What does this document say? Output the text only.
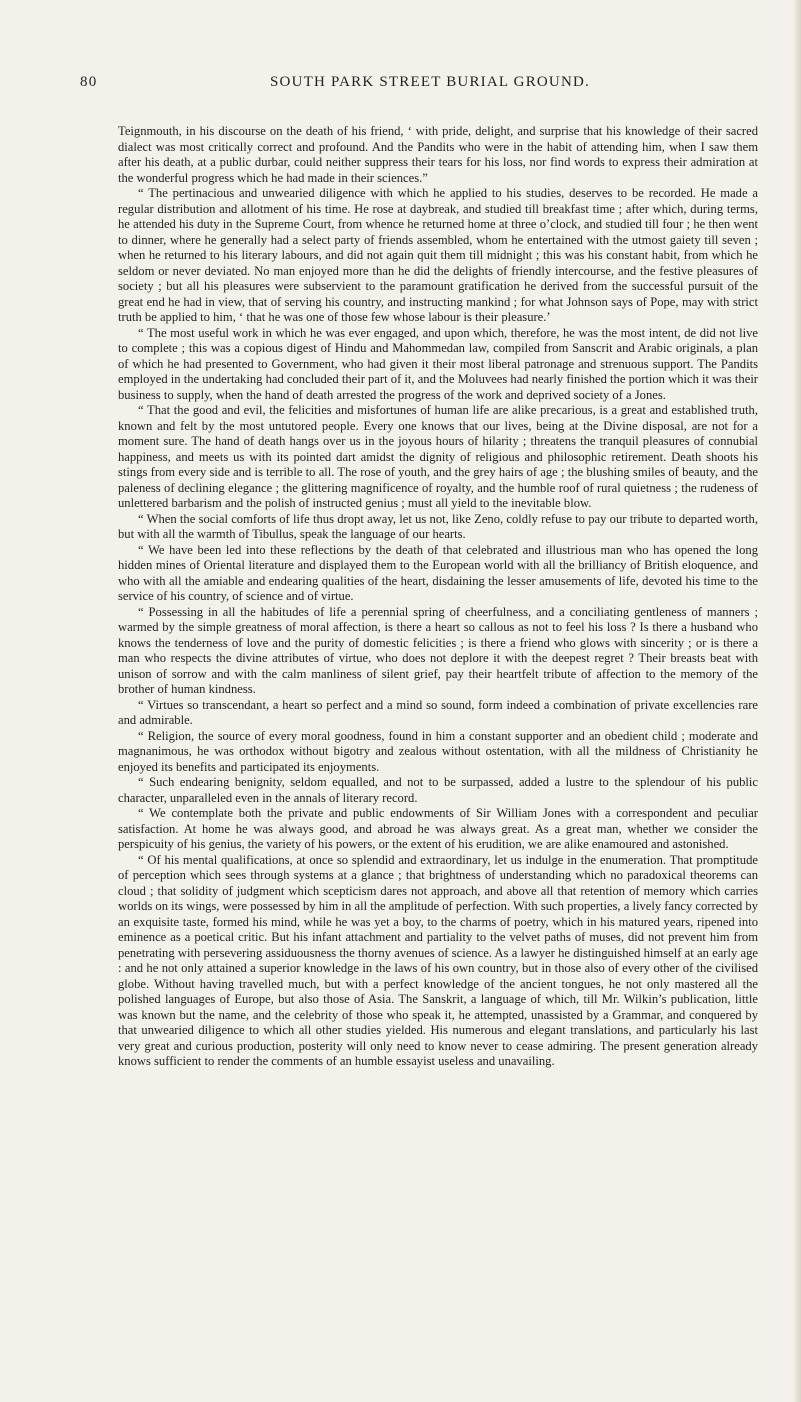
80	SOUTH PARK STREET BURIAL GROUND.

Teignmouth, in his discourse on the death of his friend, ‘ with pride, delight, and surprise that his knowledge of their sacred dialect was most critically correct and profound. And the Pandits who were in the habit of attending him, when I saw them after his death, at a public durbar, could neither suppress their tears for his loss, nor find words to express their admiration at the wonderful progress which he had made in their sciences.”

“ The pertinacious and unwearied diligence with which he applied to his studies, deserves to be recorded. He made a regular distribution and allotment of his time. He rose at daybreak, and studied till breakfast time ; after which, during terms, he attended his duty in the Supreme Court, from whence he returned home at three o’clock, and studied till four ; he then went to dinner, where he generally had a select party of friends assembled, whom he entertained with the utmost gaiety till seven ; when he returned to his literary labours, and did not again quit them till midnight ; this was his constant habit, from which he seldom or never deviated. No man enjoyed more than he did the delights of friendly intercourse, and the festive pleasures of society ; but all his pleasures were subservient to the paramount gratification he derived from the successful pursuit of the great end he had in view, that of serving his country, and instructing mankind ; for what Johnson says of Pope, may with strict truth be applied to him, ‘ that he was one of those few whose labour is their pleasure.’

“ The most useful work in which he was ever engaged, and upon which, therefore, he was the most intent, de did not live to complete ; this was a copious digest of Hindu and Mahommedan law, compiled from Sanscrit and Arabic originals, a plan of which he had presented to Government, who had given it their most liberal patronage and strenuous support. The Pandits employed in the undertaking had concluded their part of it, and the Moluvees had nearly finished the portion which it was their business to supply, when the hand of death arrested the progress of the work and deprived society of a Jones.

“ That the good and evil, the felicities and misfortunes of human life are alike precarious, is a great and established truth, known and felt by the most untutored people. Every one knows that our lives, being at the Divine disposal, are not for a moment sure. The hand of death hangs over us in the joyous hours of hilarity ; threatens the tranquil pleasures of connubial happiness, and meets us with its pointed dart amidst the dignity of religious and philosophic retirement. Death shoots his stings from every side and is terrible to all. The rose of youth, and the grey hairs of age ; the blushing smiles of beauty, and the paleness of declining elegance ; the glittering magnificence of royalty, and the humble roof of rural quietness ; the rudeness of unlettered barbarism and the polish of instructed genius ; must all yield to the inevitable blow.

“ When the social comforts of life thus dropt away, let us not, like Zeno, coldly refuse to pay our tribute to departed worth, but with all the warmth of Tibullus, speak the language of our hearts.

“ We have been led into these reflections by the death of that celebrated and illustrious man who has opened the long hidden mines of Oriental literature and displayed them to the European world with all the brilliancy of British eloquence, and who with all the amiable and endearing qualities of the heart, disdaining the lesser amusements of life, devoted his time to the service of his country, of science and of virtue.

“ Possessing in all the habitudes of life a perennial spring of cheerfulness, and a conciliating gentleness of manners ; warmed by the simple greatness of moral affection, is there a heart so callous as not to feel his loss ? Is there a husband who knows the tenderness of love and the purity of domestic felicities ; is there a friend who glows with sincerity ; or is there a man who respects the divine attributes of virtue, who does not deplore it with the deepest regret ? Their breasts beat with unison of sorrow and with the calm manliness of silent grief, pay their heartfelt tribute of affection to the memory of the brother of human kindness.

“ Virtues so transcendant, a heart so perfect and a mind so sound, form indeed a combination of private excellencies rare and admirable.

“ Religion, the source of every moral goodness, found in him a constant supporter and an obedient child ; moderate and magnanimous, he was orthodox without bigotry and zealous without ostentation, with all the mildness of Christianity he enjoyed its benefits and participated its enjoyments.

“ Such endearing benignity, seldom equalled, and not to be surpassed, added a lustre to the splendour of his public character, unparalleled even in the annals of literary record.

“ We contemplate both the private and public endowments of Sir William Jones with a correspondent and peculiar satisfaction. At home he was always good, and abroad he was always great. As a great man, whether we consider the perspicuity of his genius, the variety of his powers, or the extent of his erudition, we are alike enamoured and astonished.

“ Of his mental qualifications, at once so splendid and extraordinary, let us indulge in the enumeration. That promptitude of perception which sees through systems at a glance ; that brightness of understanding which no paradoxical theorems can cloud ; that solidity of judgment which scepticism dares not approach, and above all that retention of memory which carries worlds on its wings, were possessed by him in all the amplitude of perfection. With such properties, a lively fancy corrected by an exquisite taste, formed his mind, while he was yet a boy, to the charms of poetry, which in his matured years, ripened into eminence as a poetical critic. But his infant attachment and partiality to the velvet paths of muses, did not prevent him from penetrating with persevering assiduousness the thorny avenues of science. As a lawyer he distinguished himself at an early age : and he not only attained a superior knowledge in the laws of his own country, but in those also of every other of the civilised globe. Without having travelled much, but with a perfect knowledge of the ancient tongues, he not only mastered all the polished languages of Europe, but also those of Asia. The Sanskrit, a language of which, till Mr. Wilkin’s publication, little was known but the name, and the celebrity of those who speak it, he attempted, unassisted by a Grammar, and conquered by that unwearied diligence to which all other studies yielded. His numerous and elegant translations, and particularly his last very great and curious production, posterity will only need to know never to cease admiring. The present generation already knows sufficient to render the comments of an humble essayist useless and unavailing.
